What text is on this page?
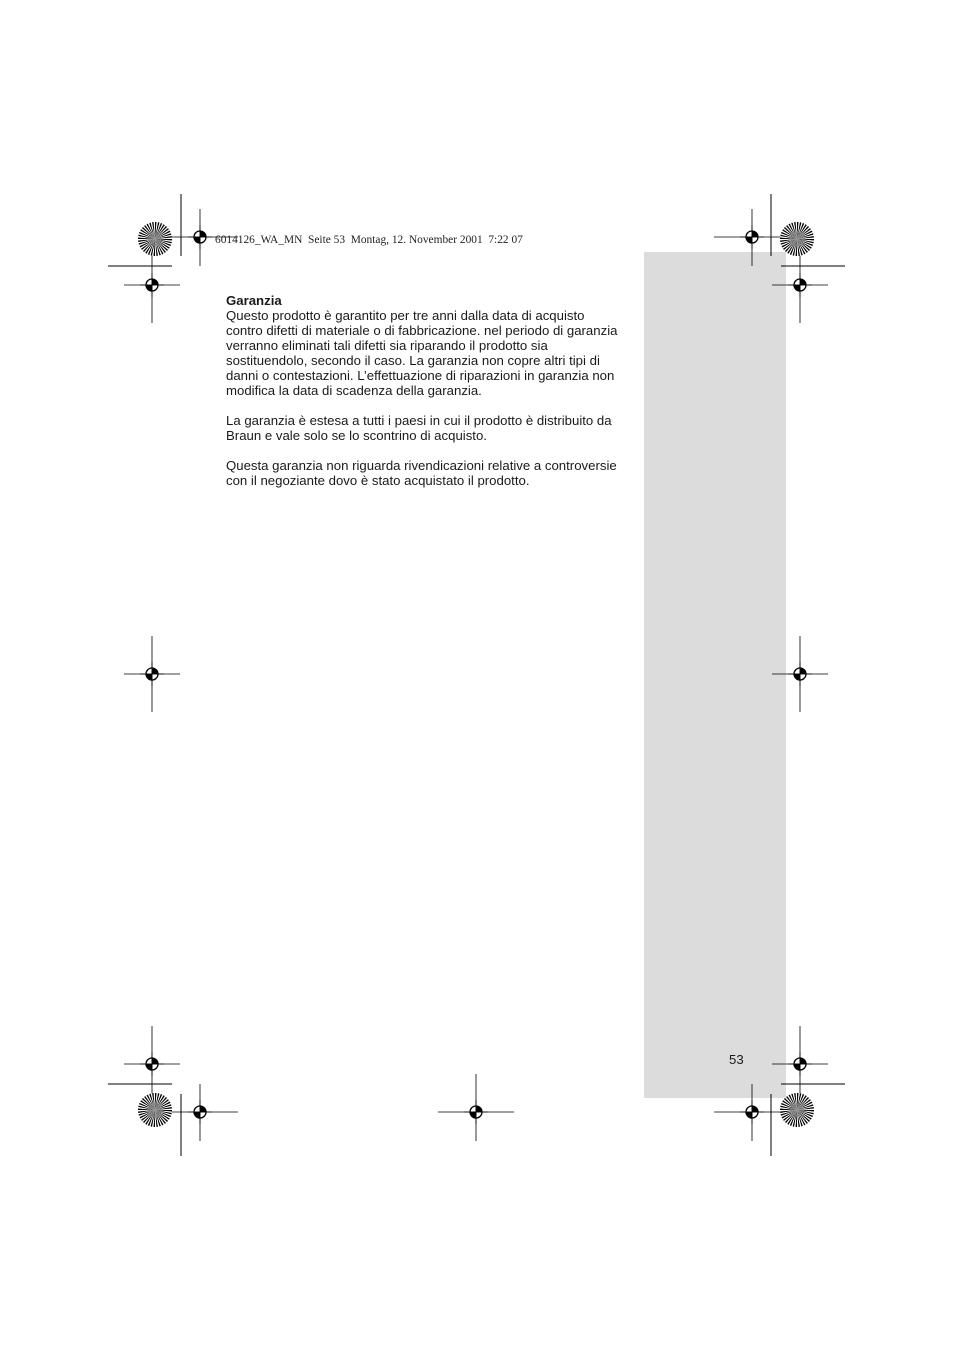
6014126_WA_MN  Seite 53  Montag, 12. November 2001  7:22 07

Garanzia

Questo prodotto è garantito per tre anni dalla data di acquisto
contro difetti di materiale o di fabbricazione. nel periodo di garanzia
verranno eliminati tali difetti sia riparando il prodotto sia
sostituendolo, secondo il caso. La garanzia non copre altri tipi di
danni o contestazioni. L’effettuazione di riparazioni in garanzia non
modifica la data di scadenza della garanzia.

La garanzia è estesa a tutti i paesi in cui il prodotto è distribuito da
Braun e vale solo se lo scontrino di acquisto.

Questa garanzia non riguarda rivendicazioni relative a controversie
con il negoziante dovo è stato acquistato il prodotto.

53
